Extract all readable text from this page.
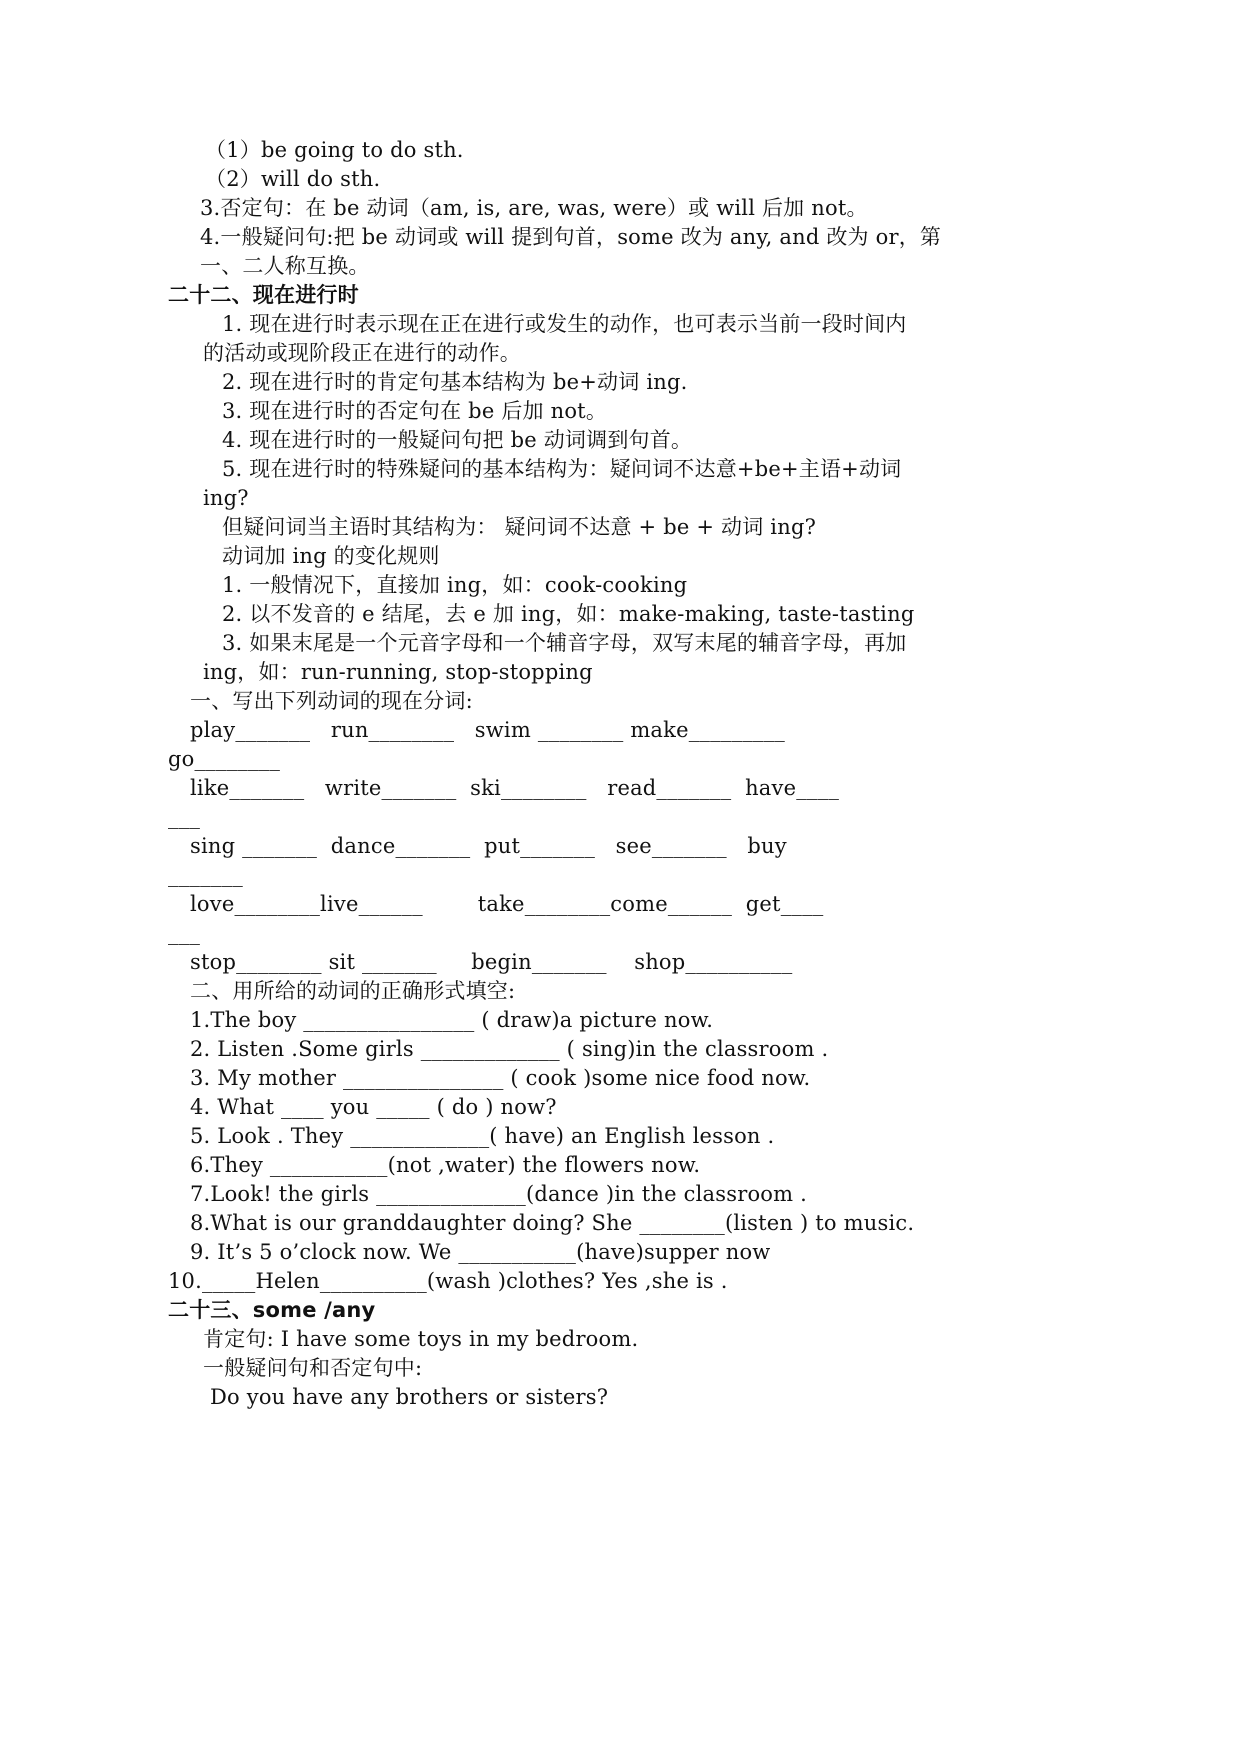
（1）be going to do sth.
（2）will do sth.
3.否定句：在 be 动词（am, is, are, was, were）或 will 后加 not。
4.一般疑问句:把 be 动词或 will 提到句首，some 改为 any, and 改为 or，第
一、二人称互换。
二十二、现在进行时
1. 现在进行时表示现在正在进行或发生的动作，也可表示当前一段时间内
的活动或现阶段正在进行的动作。
2. 现在进行时的肯定句基本结构为 be+动词 ing.
3. 现在进行时的否定句在 be 后加 not。
4. 现在进行时的一般疑问句把 be 动词调到句首。
5. 现在进行时的特殊疑问的基本结构为：疑问词不达意+be+主语+动词
ing?
但疑问词当主语时其结构为： 疑问词不达意 + be + 动词 ing?
动词加 ing 的变化规则
1. 一般情况下，直接加 ing，如：cook-cooking
2. 以不发音的 e 结尾，去 e 加 ing，如：make-making, taste-tasting
3. 如果末尾是一个元音字母和一个辅音字母，双写末尾的辅音字母，再加
ing，如：run-running, stop-stopping
一、写出下列动词的现在分词:
play_______   run________   swim ________ make_________
go________
like_______   write_______  ski________   read_______  have____
___
sing _______  dance_______  put_______   see_______   buy
_______
love________live______        take________come______  get____
___
stop________ sit _______     begin_______    shop__________
二、用所给的动词的正确形式填空:
1.The boy ________________ ( draw)a picture now.
2. Listen .Some girls _____________ ( sing)in the classroom .
3. My mother _______________ ( cook )some nice food now.
4. What ____ you _____ ( do ) now?
5. Look . They _____________( have) an English lesson .
6.They ___________(not ,water) the flowers now.
7.Look! the girls ______________(dance )in the classroom .
8.What is our granddaughter doing? She ________(listen ) to music.
9. It’s 5 o’clock now. We ___________(have)supper now
10._____Helen__________(wash )clothes? Yes ,she is .
二十三、some /any
肯定句: I have some toys in my bedroom.
一般疑问句和否定句中:
Do you have any brothers or sisters?
